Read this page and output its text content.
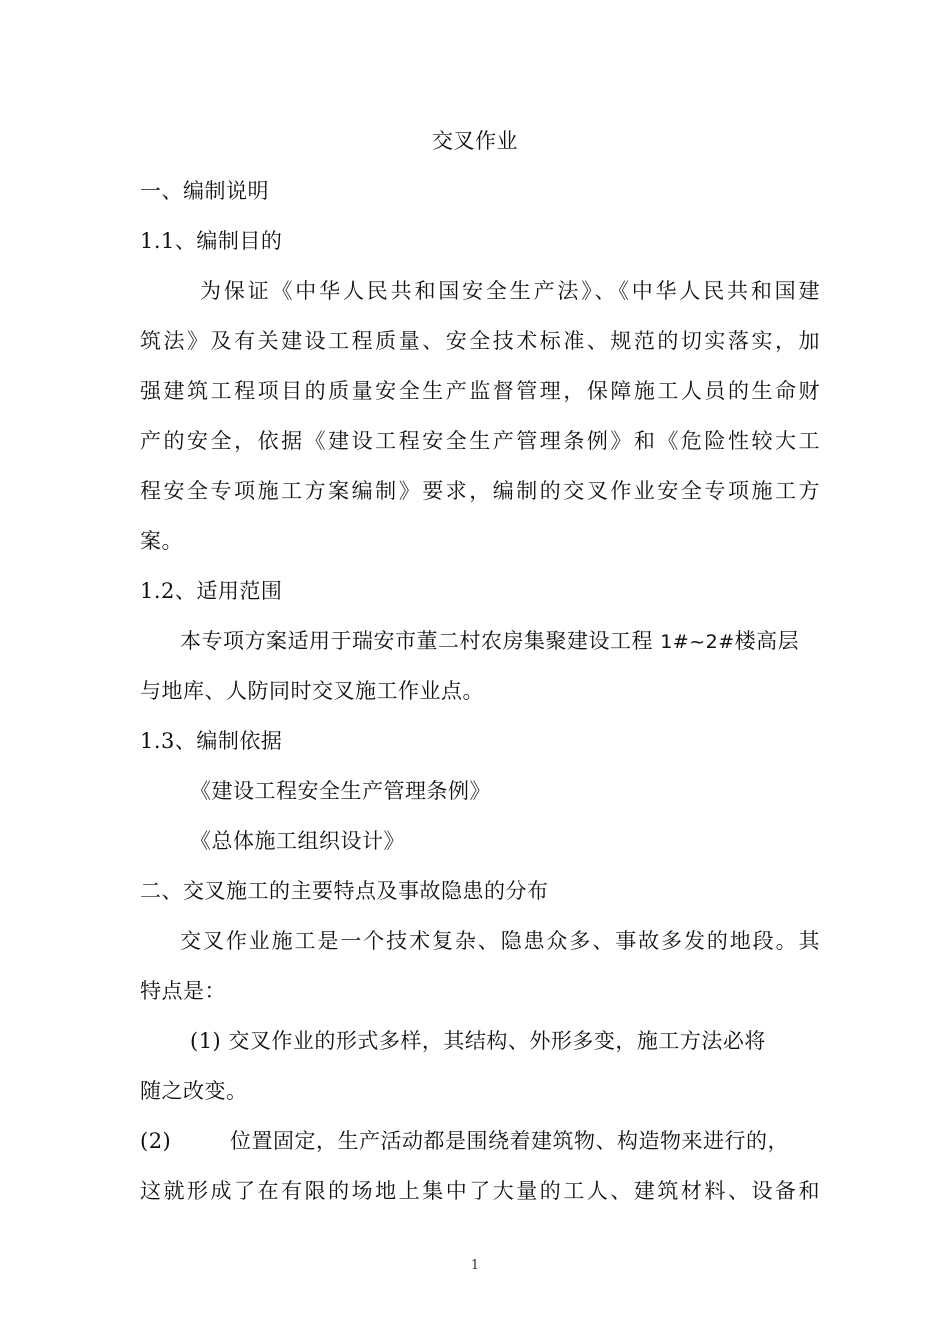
交叉作业
一、编制说明
1.1、编制目的
为保证《中华人民共和国安全生产法》、《中华人民共和国建
筑法》及有关建设工程质量、安全技术标准、规范的切实落实，加
强建筑工程项目的质量安全生产监督管理，保障施工人员的生命财
产的安全，依据《建设工程安全生产管理条例》和《危险性较大工
程安全专项施工方案编制》要求，编制的交叉作业安全专项施工方
案。
1.2、适用范围
本专项方案适用于瑞安市董二村农房集聚建设工程 1#~2#楼高层
与地库、人防同时交叉施工作业点。
1.3、编制依据
《建设工程安全生产管理条例》
《总体施工组织设计》
二、交叉施工的主要特点及事故隐患的分布
交叉作业施工是一个技术复杂、隐患众多、事故多发的地段。其
特点是：
(1) 交叉作业的形式多样，其结构、外形多变，施工方法必将
随之改变。
(2)	位置固定，生产活动都是围绕着建筑物、构造物来进行的，
这就形成了在有限的场地上集中了大量的工人、建筑材料、设备和
1
